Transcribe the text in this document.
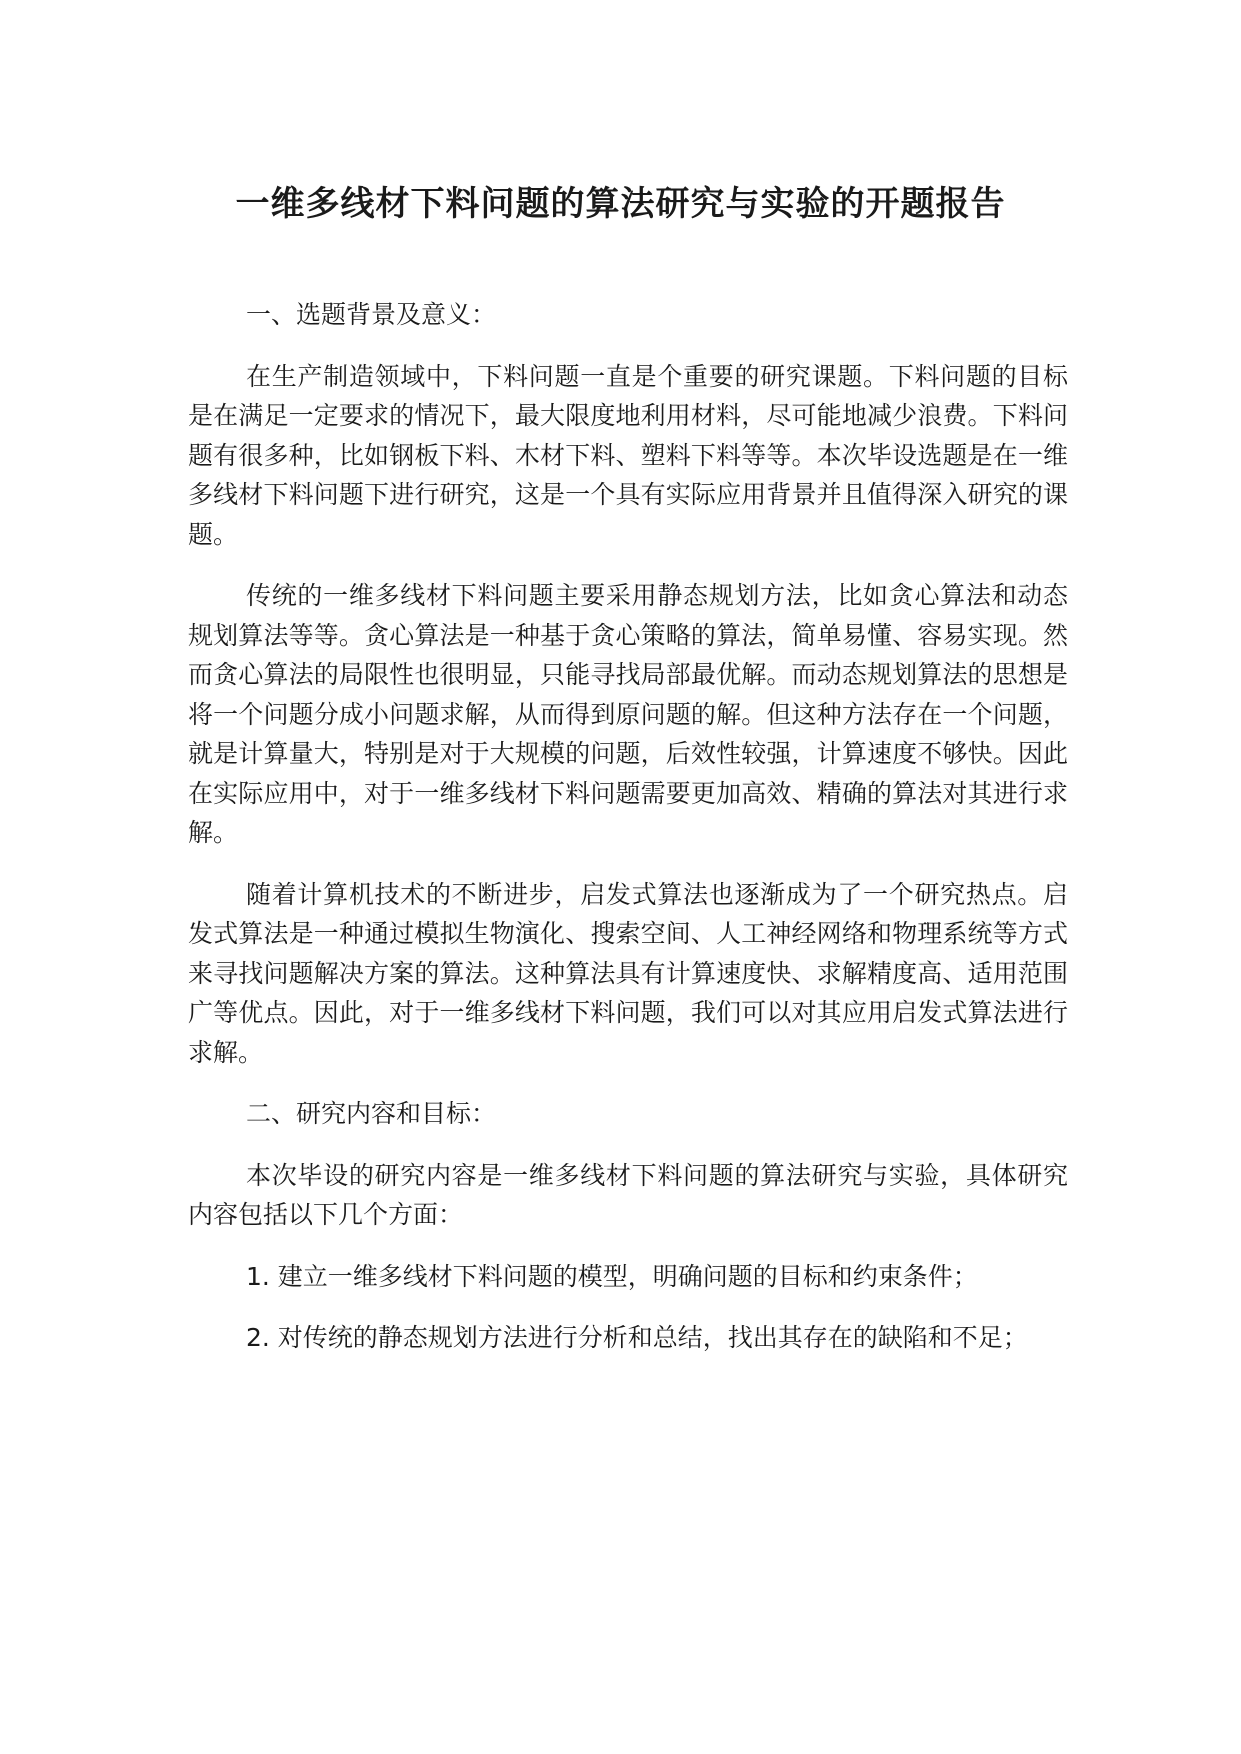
一维多线材下料问题的算法研究与实验的开题报告

一、选题背景及意义：

在生产制造领域中，下料问题一直是个重要的研究课题。下料问题的目标是在满足一定要求的情况下，最大限度地利用材料，尽可能地减少浪费。下料问题有很多种，比如钢板下料、木材下料、塑料下料等等。本次毕设选题是在一维多线材下料问题下进行研究，这是一个具有实际应用背景并且值得深入研究的课题。

传统的一维多线材下料问题主要采用静态规划方法，比如贪心算法和动态规划算法等等。贪心算法是一种基于贪心策略的算法，简单易懂、容易实现。然而贪心算法的局限性也很明显，只能寻找局部最优解。而动态规划算法的思想是将一个问题分成小问题求解，从而得到原问题的解。但这种方法存在一个问题，就是计算量大，特别是对于大规模的问题，后效性较强，计算速度不够快。因此在实际应用中，对于一维多线材下料问题需要更加高效、精确的算法对其进行求解。

随着计算机技术的不断进步，启发式算法也逐渐成为了一个研究热点。启发式算法是一种通过模拟生物演化、搜索空间、人工神经网络和物理系统等方式来寻找问题解决方案的算法。这种算法具有计算速度快、求解精度高、适用范围广等优点。因此，对于一维多线材下料问题，我们可以对其应用启发式算法进行求解。

二、研究内容和目标：

本次毕设的研究内容是一维多线材下料问题的算法研究与实验，具体研究内容包括以下几个方面：

1. 建立一维多线材下料问题的模型，明确问题的目标和约束条件；

2. 对传统的静态规划方法进行分析和总结，找出其存在的缺陷和不足；
